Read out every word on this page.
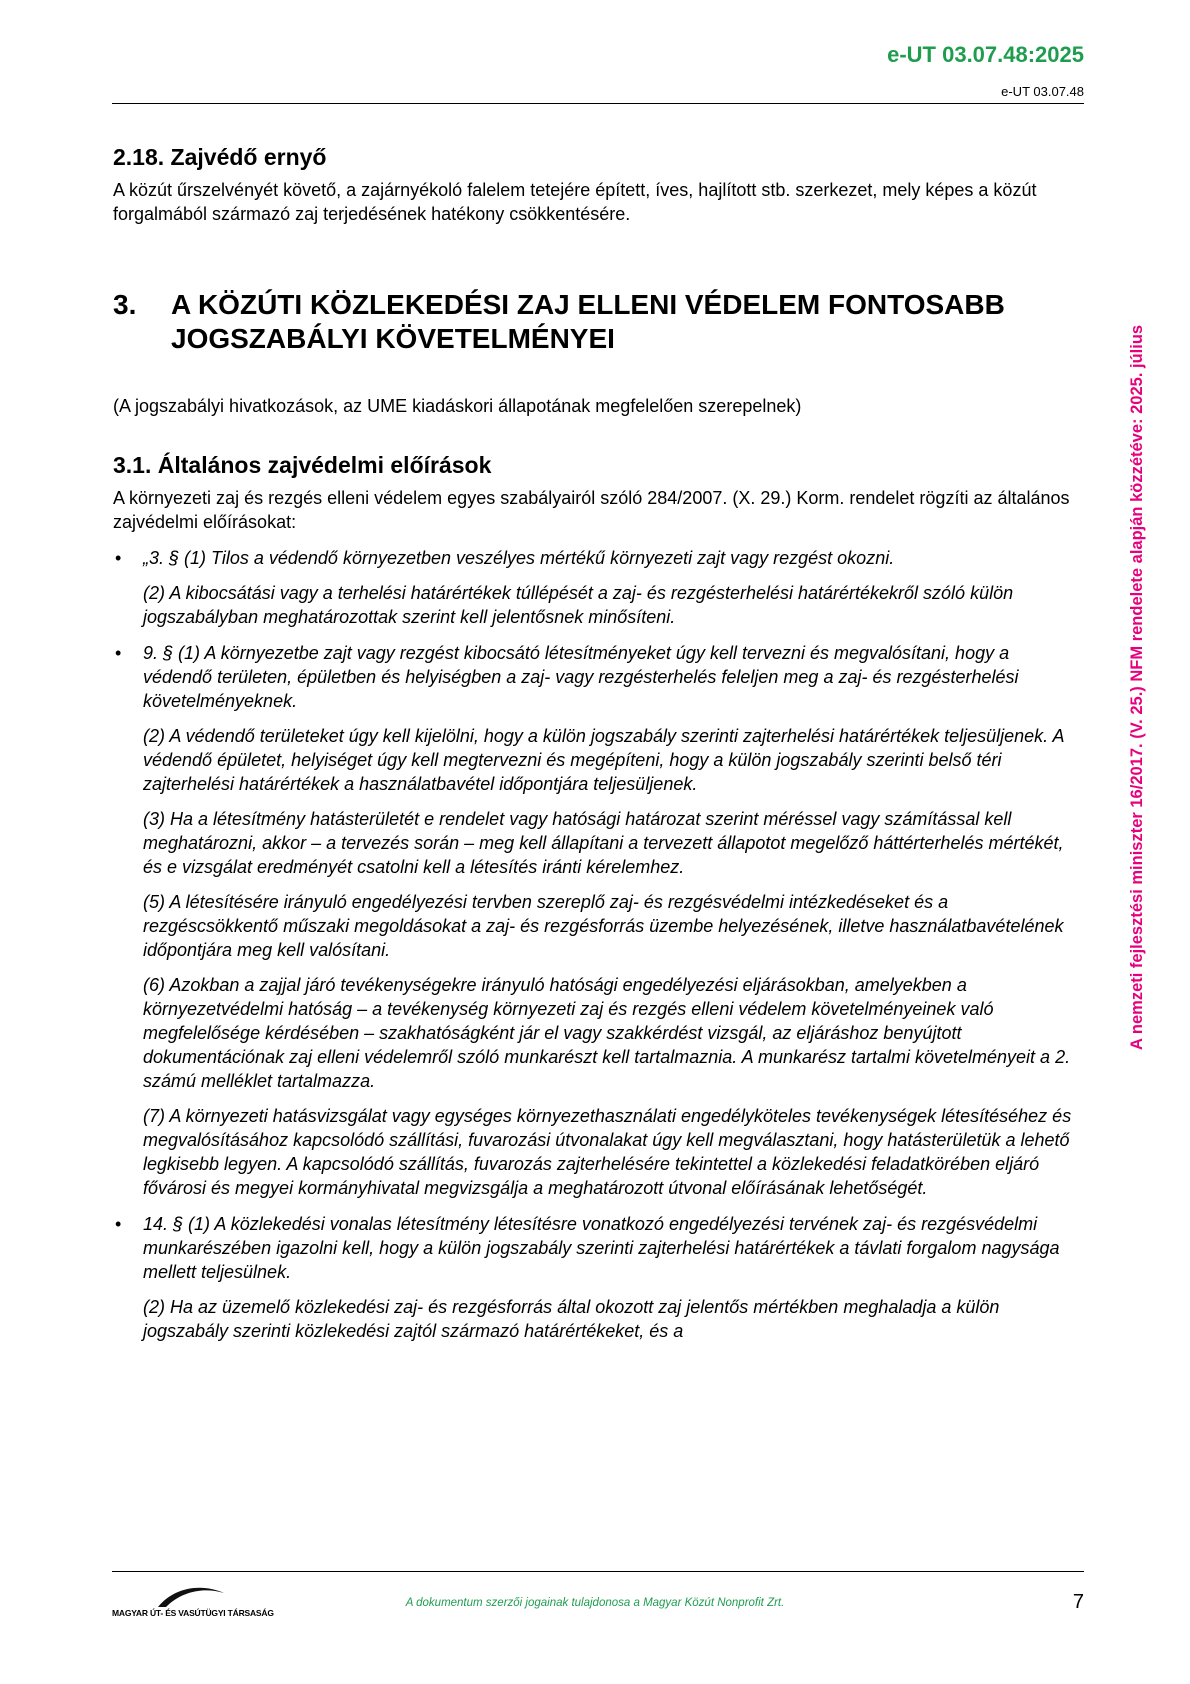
e-UT 03.07.48:2025
e-UT 03.07.48
A nemzeti fejlesztési miniszter 16/2017. (V. 25.) NFM rendelete alapján közzétéve: 2025. július
2.18. Zajvédő ernyő

A közút űrszelvényét követő, a zajárnyékoló falelem tetejére épített, íves, hajlított stb. szerkezet, mely képes a közút forgalmából származó zaj terjedésének hatékony csökkentésére.

3.	A KÖZÚTI KÖZLEKEDÉSI ZAJ ELLENI VÉDELEM FONTOSABB JOGSZABÁLYI KÖVETELMÉNYEI

(A jogszabályi hivatkozások, az UME kiadáskori állapotának megfelelően szerepelnek)

3.1. Általános zajvédelmi előírások

A környezeti zaj és rezgés elleni védelem egyes szabályairól szóló 284/2007. (X. 29.) Korm. rendelet rögzíti az általános zajvédelmi előírásokat:

• „3. § (1) Tilos a védendő környezetben veszélyes mértékű környezeti zajt vagy rezgést okozni.

(2) A kibocsátási vagy a terhelési határértékek túllépését a zaj- és rezgésterhelési határértékekről szóló külön jogszabályban meghatározottak szerint kell jelentősnek minősíteni.

• 9. § (1) A környezetbe zajt vagy rezgést kibocsátó létesítményeket úgy kell tervezni és megvalósítani, hogy a védendő területen, épületben és helyiségben a zaj- vagy rezgésterhelés feleljen meg a zaj- és rezgésterhelési követelményeknek.

(2) A védendő területeket úgy kell kijelölni, hogy a külön jogszabály szerinti zajterhelési határértékek teljesüljenek. A védendő épületet, helyiséget úgy kell megtervezni és megépíteni, hogy a külön jogszabály szerinti belső téri zajterhelési határértékek a használatbavétel időpontjára teljesüljenek.

(3) Ha a létesítmény hatásterületét e rendelet vagy hatósági határozat szerint méréssel vagy számítással kell meghatározni, akkor – a tervezés során – meg kell állapítani a tervezett állapotot megelőző háttérterhelés mértékét, és e vizsgálat eredményét csatolni kell a létesítés iránti kérelemhez.

(5) A létesítésére irányuló engedélyezési tervben szereplő zaj- és rezgésvédelmi intézkedéseket és a rezgéscsökkentő műszaki megoldásokat a zaj- és rezgésforrás üzembe helyezésének, illetve használatbavételének időpontjára meg kell valósítani.

(6) Azokban a zajjal járó tevékenységekre irányuló hatósági engedélyezési eljárásokban, amelyekben a környezetvédelmi hatóság – a tevékenység környezeti zaj és rezgés elleni védelem követelményeinek való megfelelősége kérdésében – szakhatóságként jár el vagy szakkérdést vizsgál, az eljáráshoz benyújtott dokumentációnak zaj elleni védelemről szóló munkarészt kell tartalmaznia. A munkarész tartalmi követelményeit a 2. számú melléklet tartalmazza.

(7) A környezeti hatásvizsgálat vagy egységes környezethasználati engedélyköteles tevékenységek létesítéséhez és megvalósításához kapcsolódó szállítási, fuvarozási útvonalakat úgy kell megválasztani, hogy hatásterületük a lehető legkisebb legyen. A kapcsolódó szállítás, fuvarozás zajterhelésére tekintettel a közlekedési feladatkörében eljáró fővárosi és megyei kormányhivatal megvizsgálja a meghatározott útvonal előírásának lehetőségét.

• 14. § (1) A közlekedési vonalas létesítmény létesítésre vonatkozó engedélyezési tervének zaj- és rezgésvédelmi munkarészében igazolni kell, hogy a külön jogszabály szerinti zajterhelési határértékek a távlati forgalom nagysága mellett teljesülnek.

(2) Ha az üzemelő közlekedési zaj- és rezgésforrás által okozott zaj jelentős mértékben meghaladja a külön jogszabály szerinti közlekedési zajtól származó határértékeket, és a

MAGYAR ÚT- ÉS VASÚTÜGYI TÁRSASÁG
A dokumentum szerzői jogainak tulajdonosa a Magyar Közút Nonprofit Zrt.	7
